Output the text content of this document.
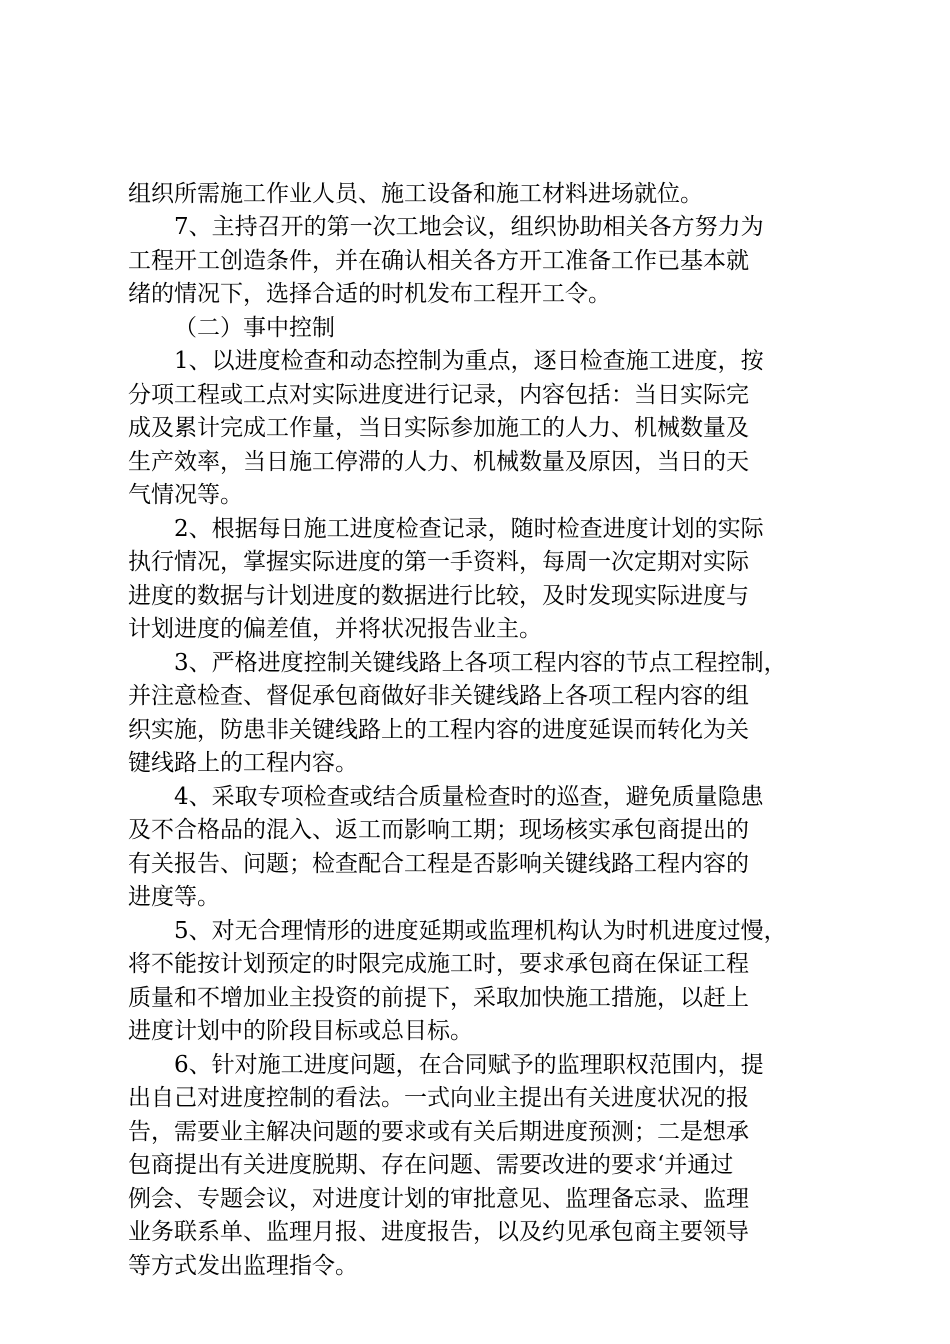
组织所需施工作业人员、施工设备和施工材料进场就位。
7、主持召开的第一次工地会议，组织协助相关各方努力为
工程开工创造条件，并在确认相关各方开工准备工作已基本就
绪的情况下，选择合适的时机发布工程开工令。
（二）事中控制
1、以进度检查和动态控制为重点，逐日检查施工进度，按
分项工程或工点对实际进度进行记录，内容包括：当日实际完
成及累计完成工作量，当日实际参加施工的人力、机械数量及
生产效率，当日施工停滞的人力、机械数量及原因，当日的天
气情况等。
2、根据每日施工进度检查记录，随时检查进度计划的实际
执行情况，掌握实际进度的第一手资料，每周一次定期对实际
进度的数据与计划进度的数据进行比较，及时发现实际进度与
计划进度的偏差值，并将状况报告业主。
3、严格进度控制关键线路上各项工程内容的节点工程控制，
并注意检查、督促承包商做好非关键线路上各项工程内容的组
织实施，防患非关键线路上的工程内容的进度延误而转化为关
键线路上的工程内容。
4、采取专项检查或结合质量检查时的巡查，避免质量隐患
及不合格品的混入、返工而影响工期；现场核实承包商提出的
有关报告、问题；检查配合工程是否影响关键线路工程内容的
进度等。
5、对无合理情形的进度延期或监理机构认为时机进度过慢，
将不能按计划预定的时限完成施工时，要求承包商在保证工程
质量和不增加业主投资的前提下，采取加快施工措施，以赶上
进度计划中的阶段目标或总目标。
6、针对施工进度问题，在合同赋予的监理职权范围内，提
出自己对进度控制的看法。一式向业主提出有关进度状况的报
告，需要业主解决问题的要求或有关后期进度预测；二是想承
包商提出有关进度脱期、存在问题、需要改进的要求‘并通过
例会、专题会议，对进度计划的审批意见、监理备忘录、监理
业务联系单、监理月报、进度报告，以及约见承包商主要领导
等方式发出监理指令。
